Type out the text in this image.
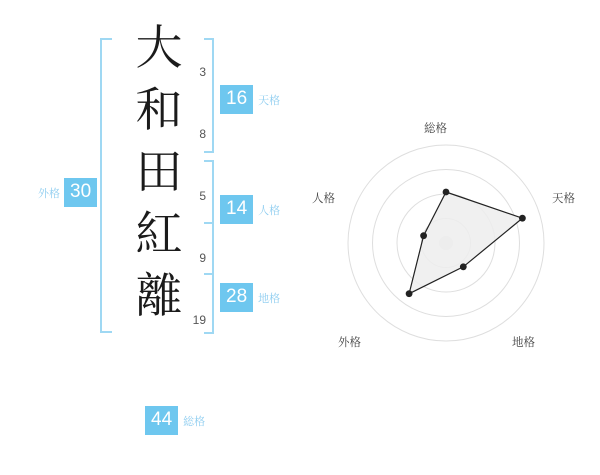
外格 30
大 3
和 8
田 5
紅 9
離 19
16	天格
14	人格
28	地格
44	総格
総格
天格
地格
外格
人格
